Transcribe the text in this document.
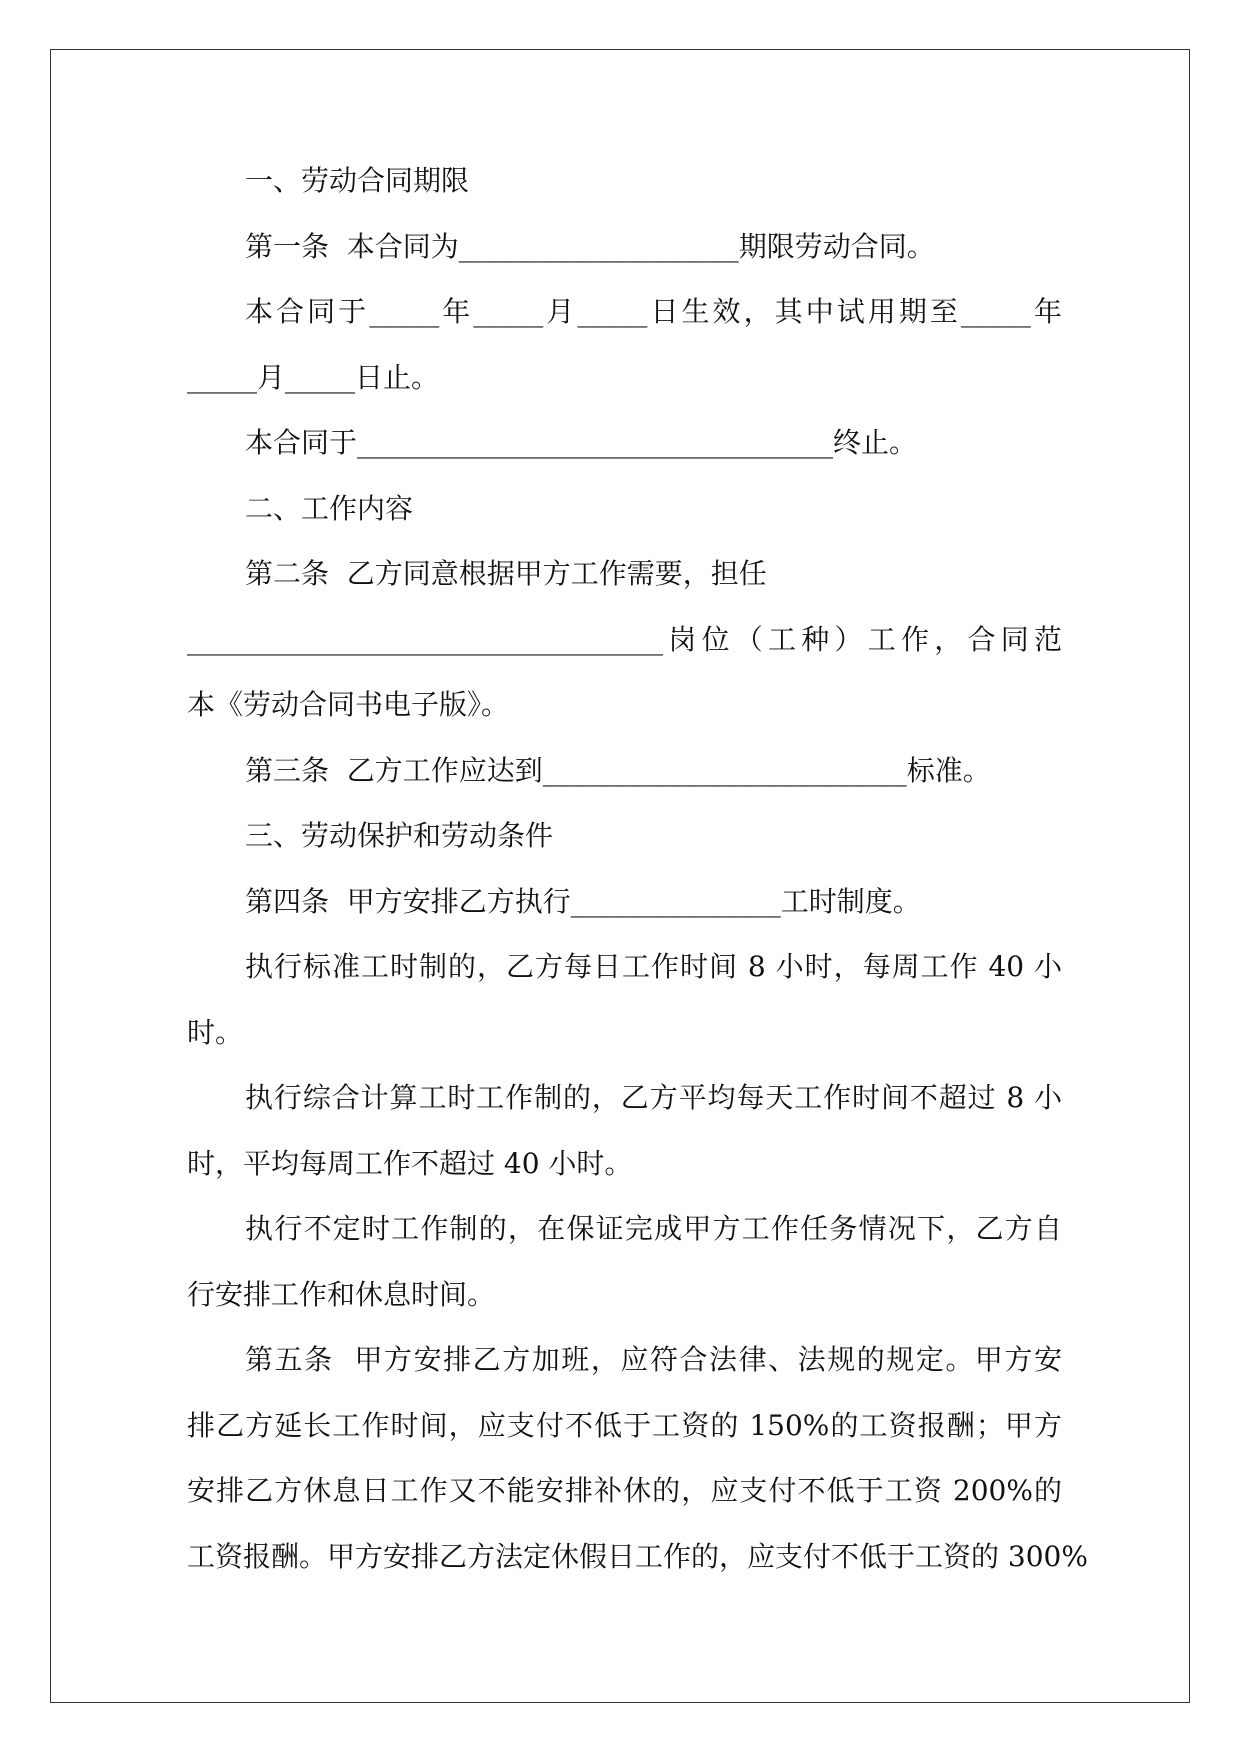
一、劳动合同期限
第一条  本合同为____________________期限劳动合同。
本合同于_____年_____月_____日生效，其中试用期至_____年
_____月_____日止。
本合同于__________________________________终止。
二、工作内容
第二条  乙方同意根据甲方工作需要，担任
__________________________________岗位（工种）工作，合同范
本《劳动合同书电子版》。
第三条  乙方工作应达到__________________________标准。
三、劳动保护和劳动条件
第四条  甲方安排乙方执行_______________工时制度。
执行标准工时制的，乙方每日工作时间 8 小时，每周工作 40 小
时。
执行综合计算工时工作制的，乙方平均每天工作时间不超过 8 小
时，平均每周工作不超过 40 小时。
执行不定时工作制的，在保证完成甲方工作任务情况下，乙方自
行安排工作和休息时间。
第五条  甲方安排乙方加班，应符合法律、法规的规定。甲方安
排乙方延长工作时间，应支付不低于工资的 150%的工资报酬；甲方
安排乙方休息日工作又不能安排补休的，应支付不低于工资 200%的
工资报酬。甲方安排乙方法定休假日工作的，应支付不低于工资的 300%
